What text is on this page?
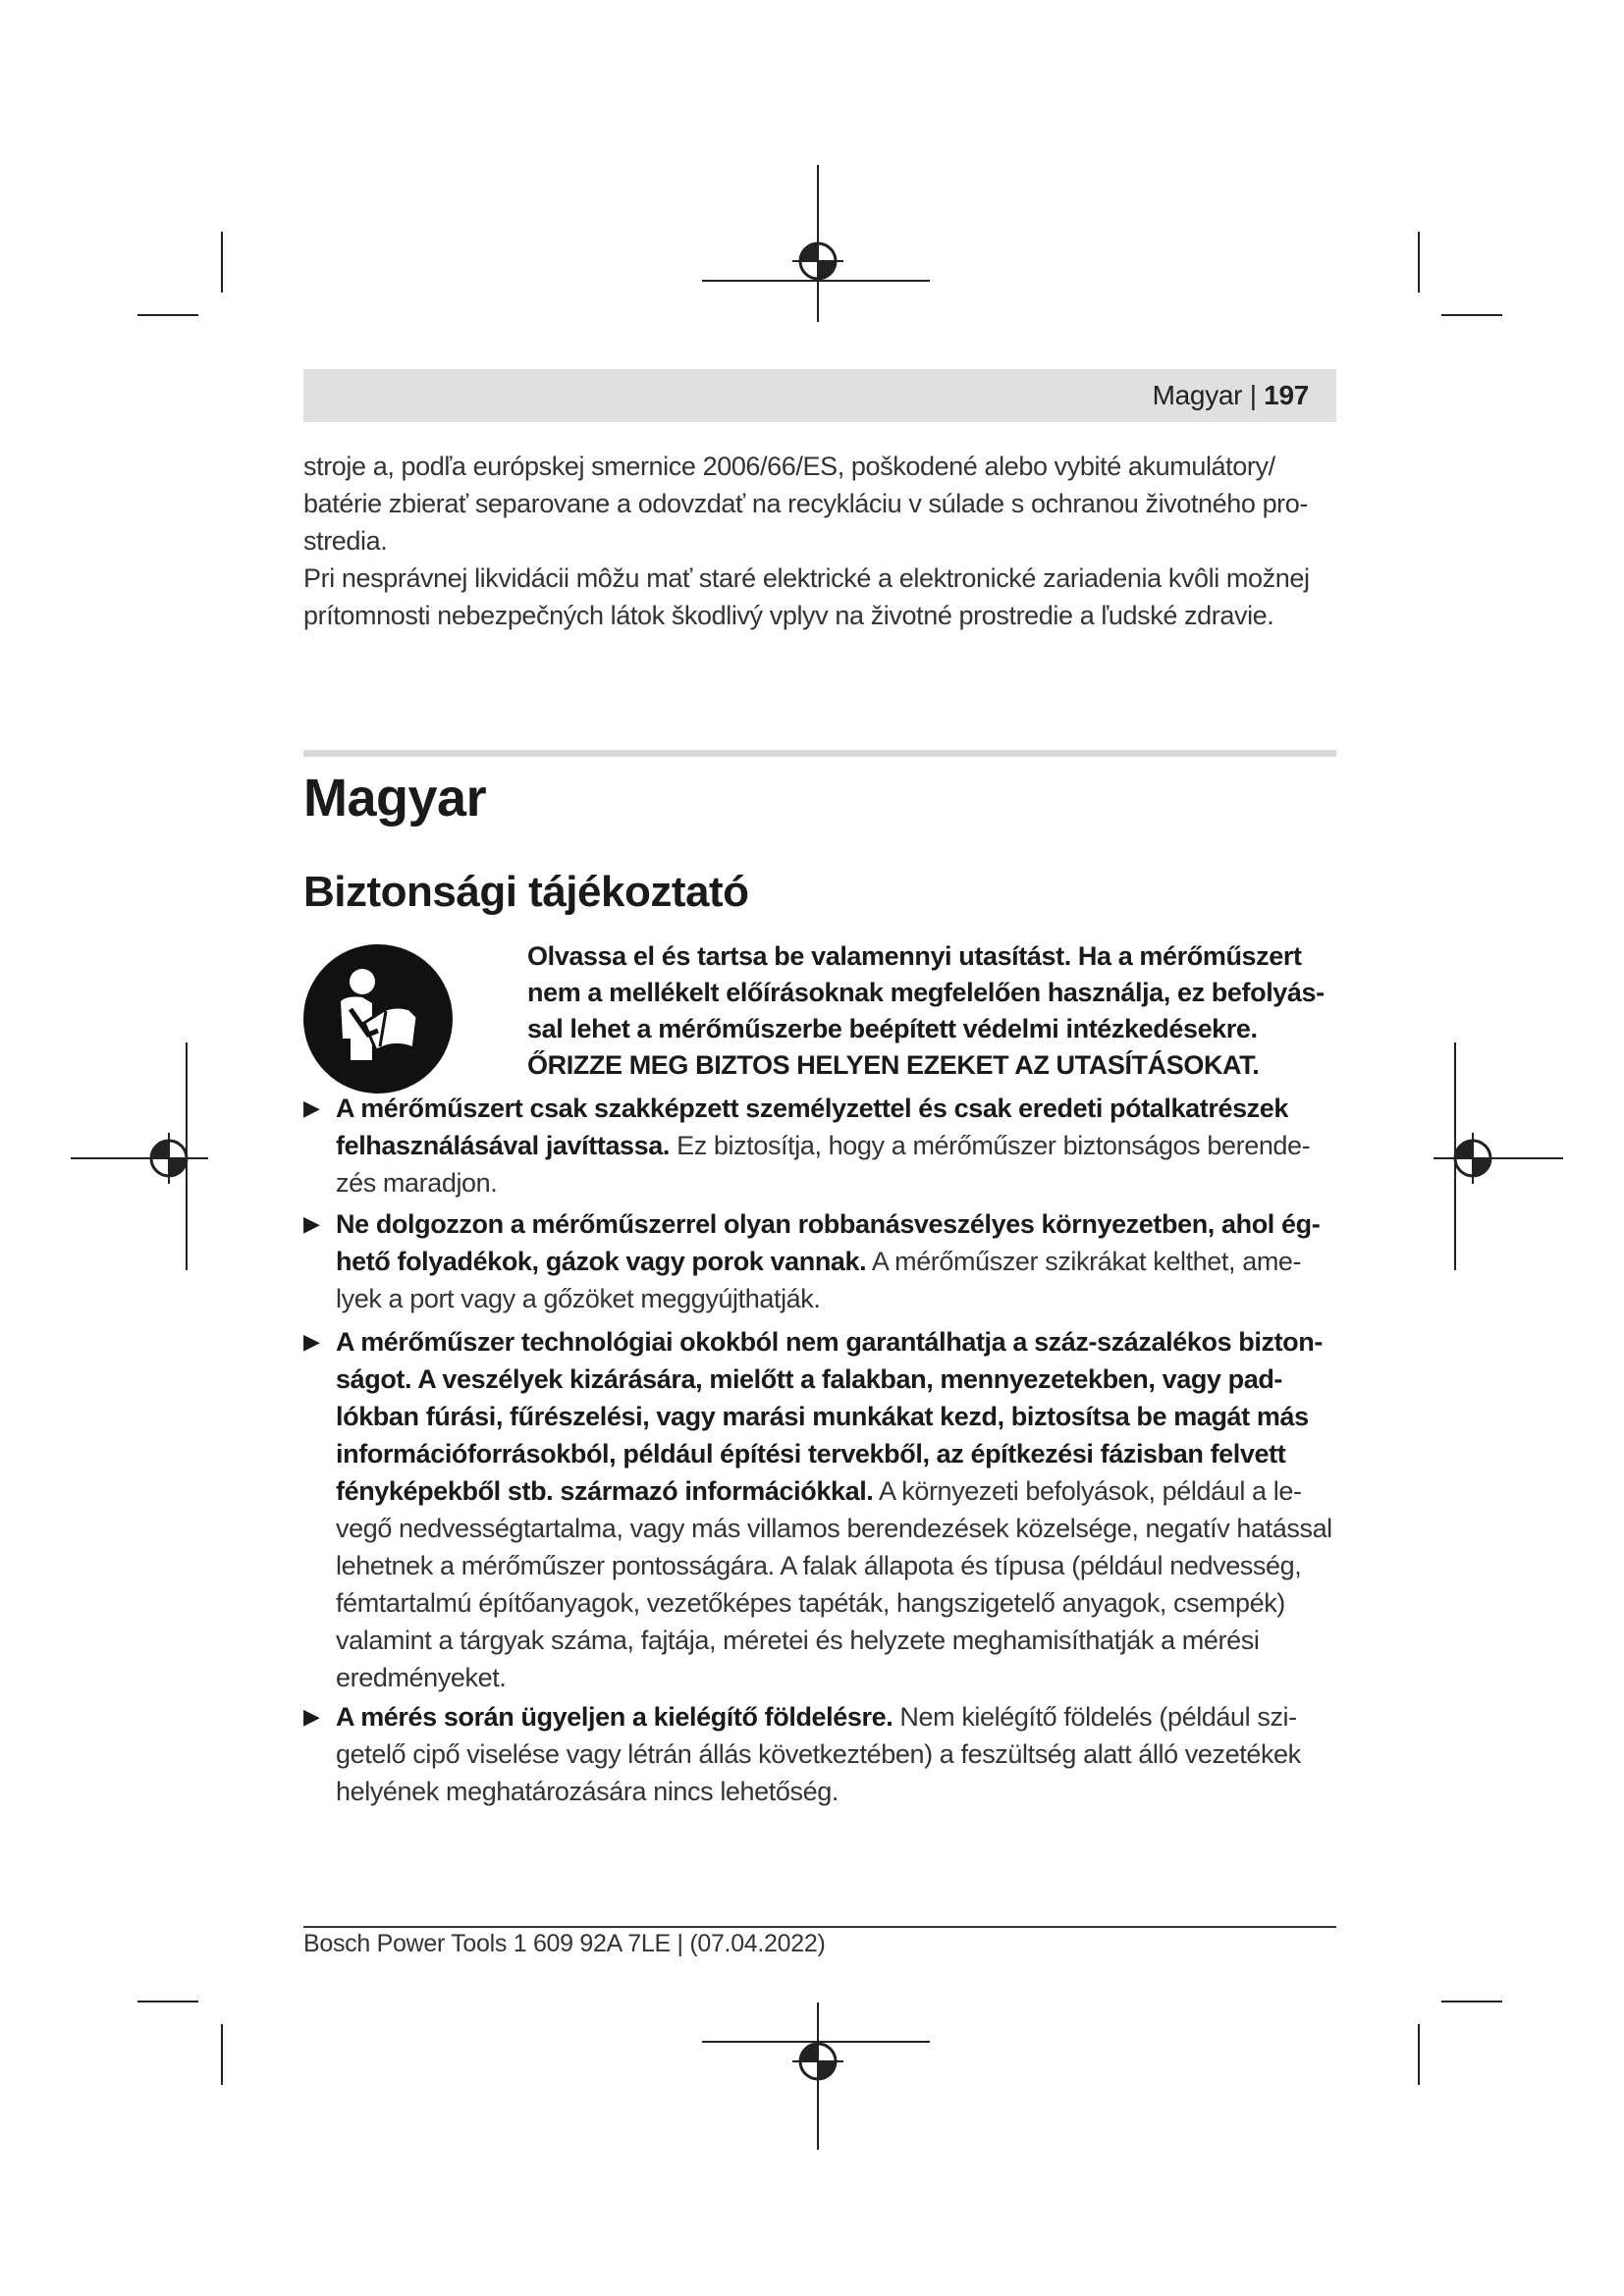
Magyar | 197

stroje a, podľa európskej smernice 2006/66/ES, poškodené alebo vybité akumulátory/ batérie zbierať separovane a odovzdať na recykláciu v súlade s ochranou životného pro- stredia.

Pri nesprávnej likvidácii môžu mať staré elektrické a elektronické zariadenia kvôli možnej prítomnosti nebezpečných látok škodlivý vplyv na životné prostredie a ľudské zdravie.

Magyar
Biztonsági tájékoztató
Olvassa el és tartsa be valamennyi utasítást. Ha a mérőműszert nem a mellékelt előírásoknak megfelelően használja, ez befolyás- sal lehet a mérőműszerbe beépített védelmi intézkedésekre.
ŐRIZZE MEG BIZTOS HELYEN EZEKET AZ UTASÍTÁSOKAT.
▶ A mérőműszert csak szakképzett személyzettel és csak eredeti pótalkatrészek felhasználásával javíttassa. Ez biztosítja, hogy a mérőműszer biztonságos berende- zés maradjon.
▶ Ne dolgozzon a mérőműszerrel olyan robbanásveszélyes környezetben, ahol ég- hető folyadékok, gázok vagy porok vannak. A mérőműszer szikrákat kelthet, ame- lyek a port vagy a gőzöket meggyújthatják.
▶ A mérőműszer technológiai okokból nem garantálhatja a száz-százalékos bizton- ságot. A veszélyek kizárására, mielőtt a falakban, mennyezetekben, vagy pad- lókban fúrási, fűrészelési, vagy marási munkákat kezd, biztosítsa be magát más információforrásokból, például építési tervekből, az építkezési fázisban felvett fényképekből stb. származó információkkal. A környezeti befolyások, például a le- vegő nedvességtartalma, vagy más villamos berendezések közelsége, negatív hatással lehetnek a mérőműszer pontosságára. A falak állapota és típusa (például nedvesség, fémtartalmú építőanyagok, vezetőképes tapéták, hangszigetelő anyagok, csempék) valamint a tárgyak száma, fajtája, méretei és helyzete meghamisíthatják a mérési eredményeket.
▶ A mérés során ügyeljen a kielégítő földelésre. Nem kielégítő földelés (például szi- getelő cipő viselése vagy létrán állás következtében) a feszültség alatt álló vezetékek helyének meghatározására nincs lehetőség.

Bosch Power Tools 1 609 92A 7LE | (07.04.2022)
